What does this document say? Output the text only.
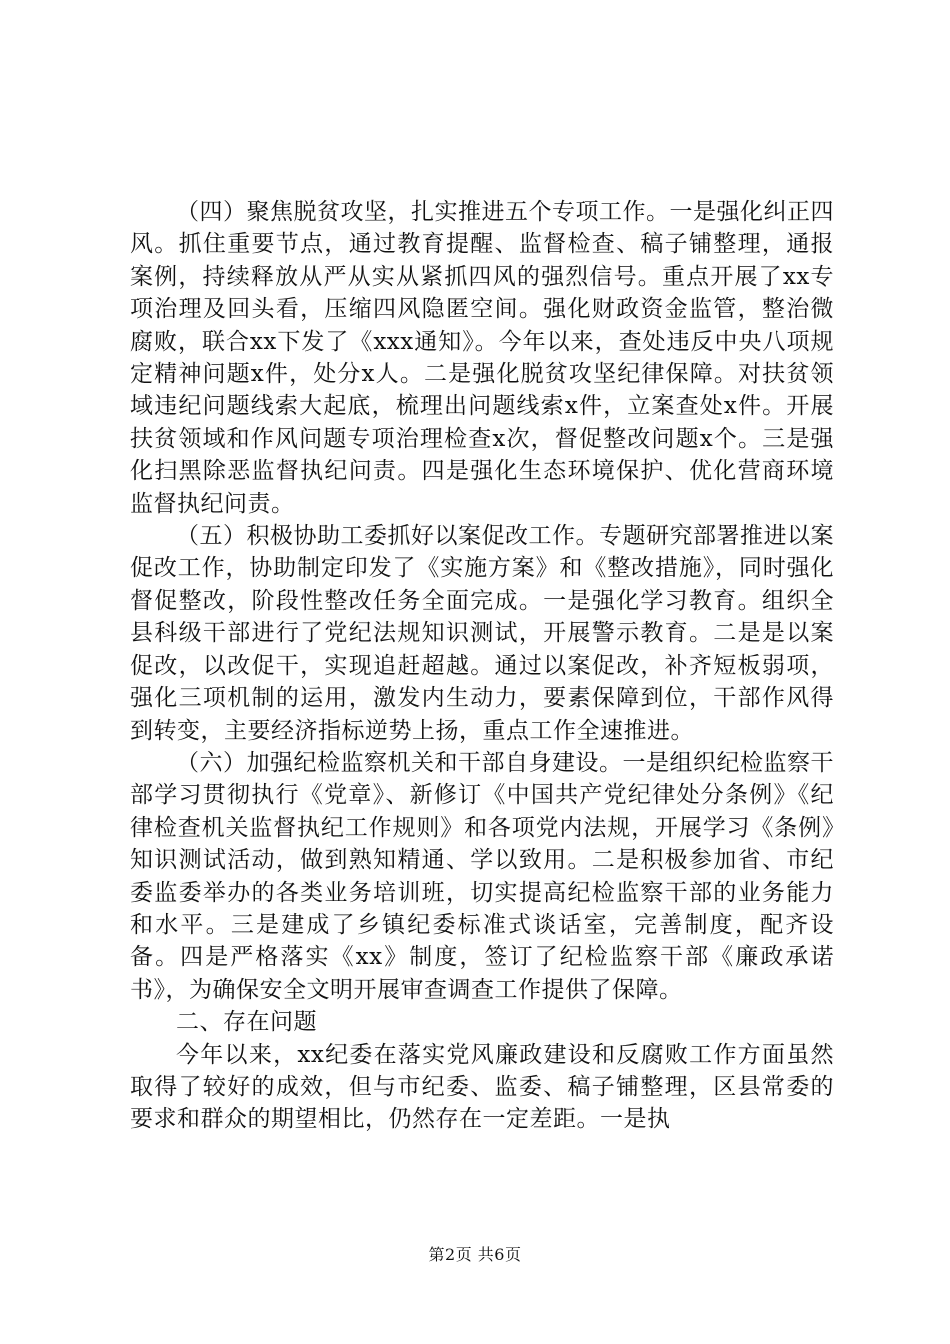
（四）聚焦脱贫攻坚，扎实推进五个专项工作。一是强化纠正四风。抓住重要节点，通过教育提醒、监督检查、稿子铺整理，通报案例，持续释放从严从实从紧抓四风的强烈信号。重点开展了xx专项治理及回头看，压缩四风隐匿空间。强化财政资金监管，整治微腐败，联合xx下发了《xxx通知》。今年以来，查处违反中央八项规定精神问题x件，处分x人。二是强化脱贫攻坚纪律保障。对扶贫领域违纪问题线索大起底，梳理出问题线索x件，立案查处x件。开展扶贫领域和作风问题专项治理检查x次，督促整改问题x个。三是强化扫黑除恶监督执纪问责。四是强化生态环境保护、优化营商环境监督执纪问责。

（五）积极协助工委抓好以案促改工作。专题研究部署推进以案促改工作，协助制定印发了《实施方案》和《整改措施》，同时强化督促整改，阶段性整改任务全面完成。一是强化学习教育。组织全县科级干部进行了党纪法规知识测试，开展警示教育。二是是以案促改，以改促干，实现追赶超越。通过以案促改，补齐短板弱项，强化三项机制的运用，激发内生动力，要素保障到位，干部作风得到转变，主要经济指标逆势上扬，重点工作全速推进。

（六）加强纪检监察机关和干部自身建设。一是组织纪检监察干部学习贯彻执行《党章》、新修订《中国共产党纪律处分条例》《纪律检查机关监督执纪工作规则》和各项党内法规，开展学习《条例》知识测试活动，做到熟知精通、学以致用。二是积极参加省、市纪委监委举办的各类业务培训班，切实提高纪检监察干部的业务能力和水平。三是建成了乡镇纪委标准式谈话室，完善制度，配齐设备。四是严格落实《xx》制度，签订了纪检监察干部《廉政承诺书》，为确保安全文明开展审查调查工作提供了保障。

二、存在问题

今年以来，xx纪委在落实党风廉政建设和反腐败工作方面虽然取得了较好的成效，但与市纪委、监委、稿子铺整理，区县常委的要求和群众的期望相比，仍然存在一定差距。一是执

第2页 共6页
